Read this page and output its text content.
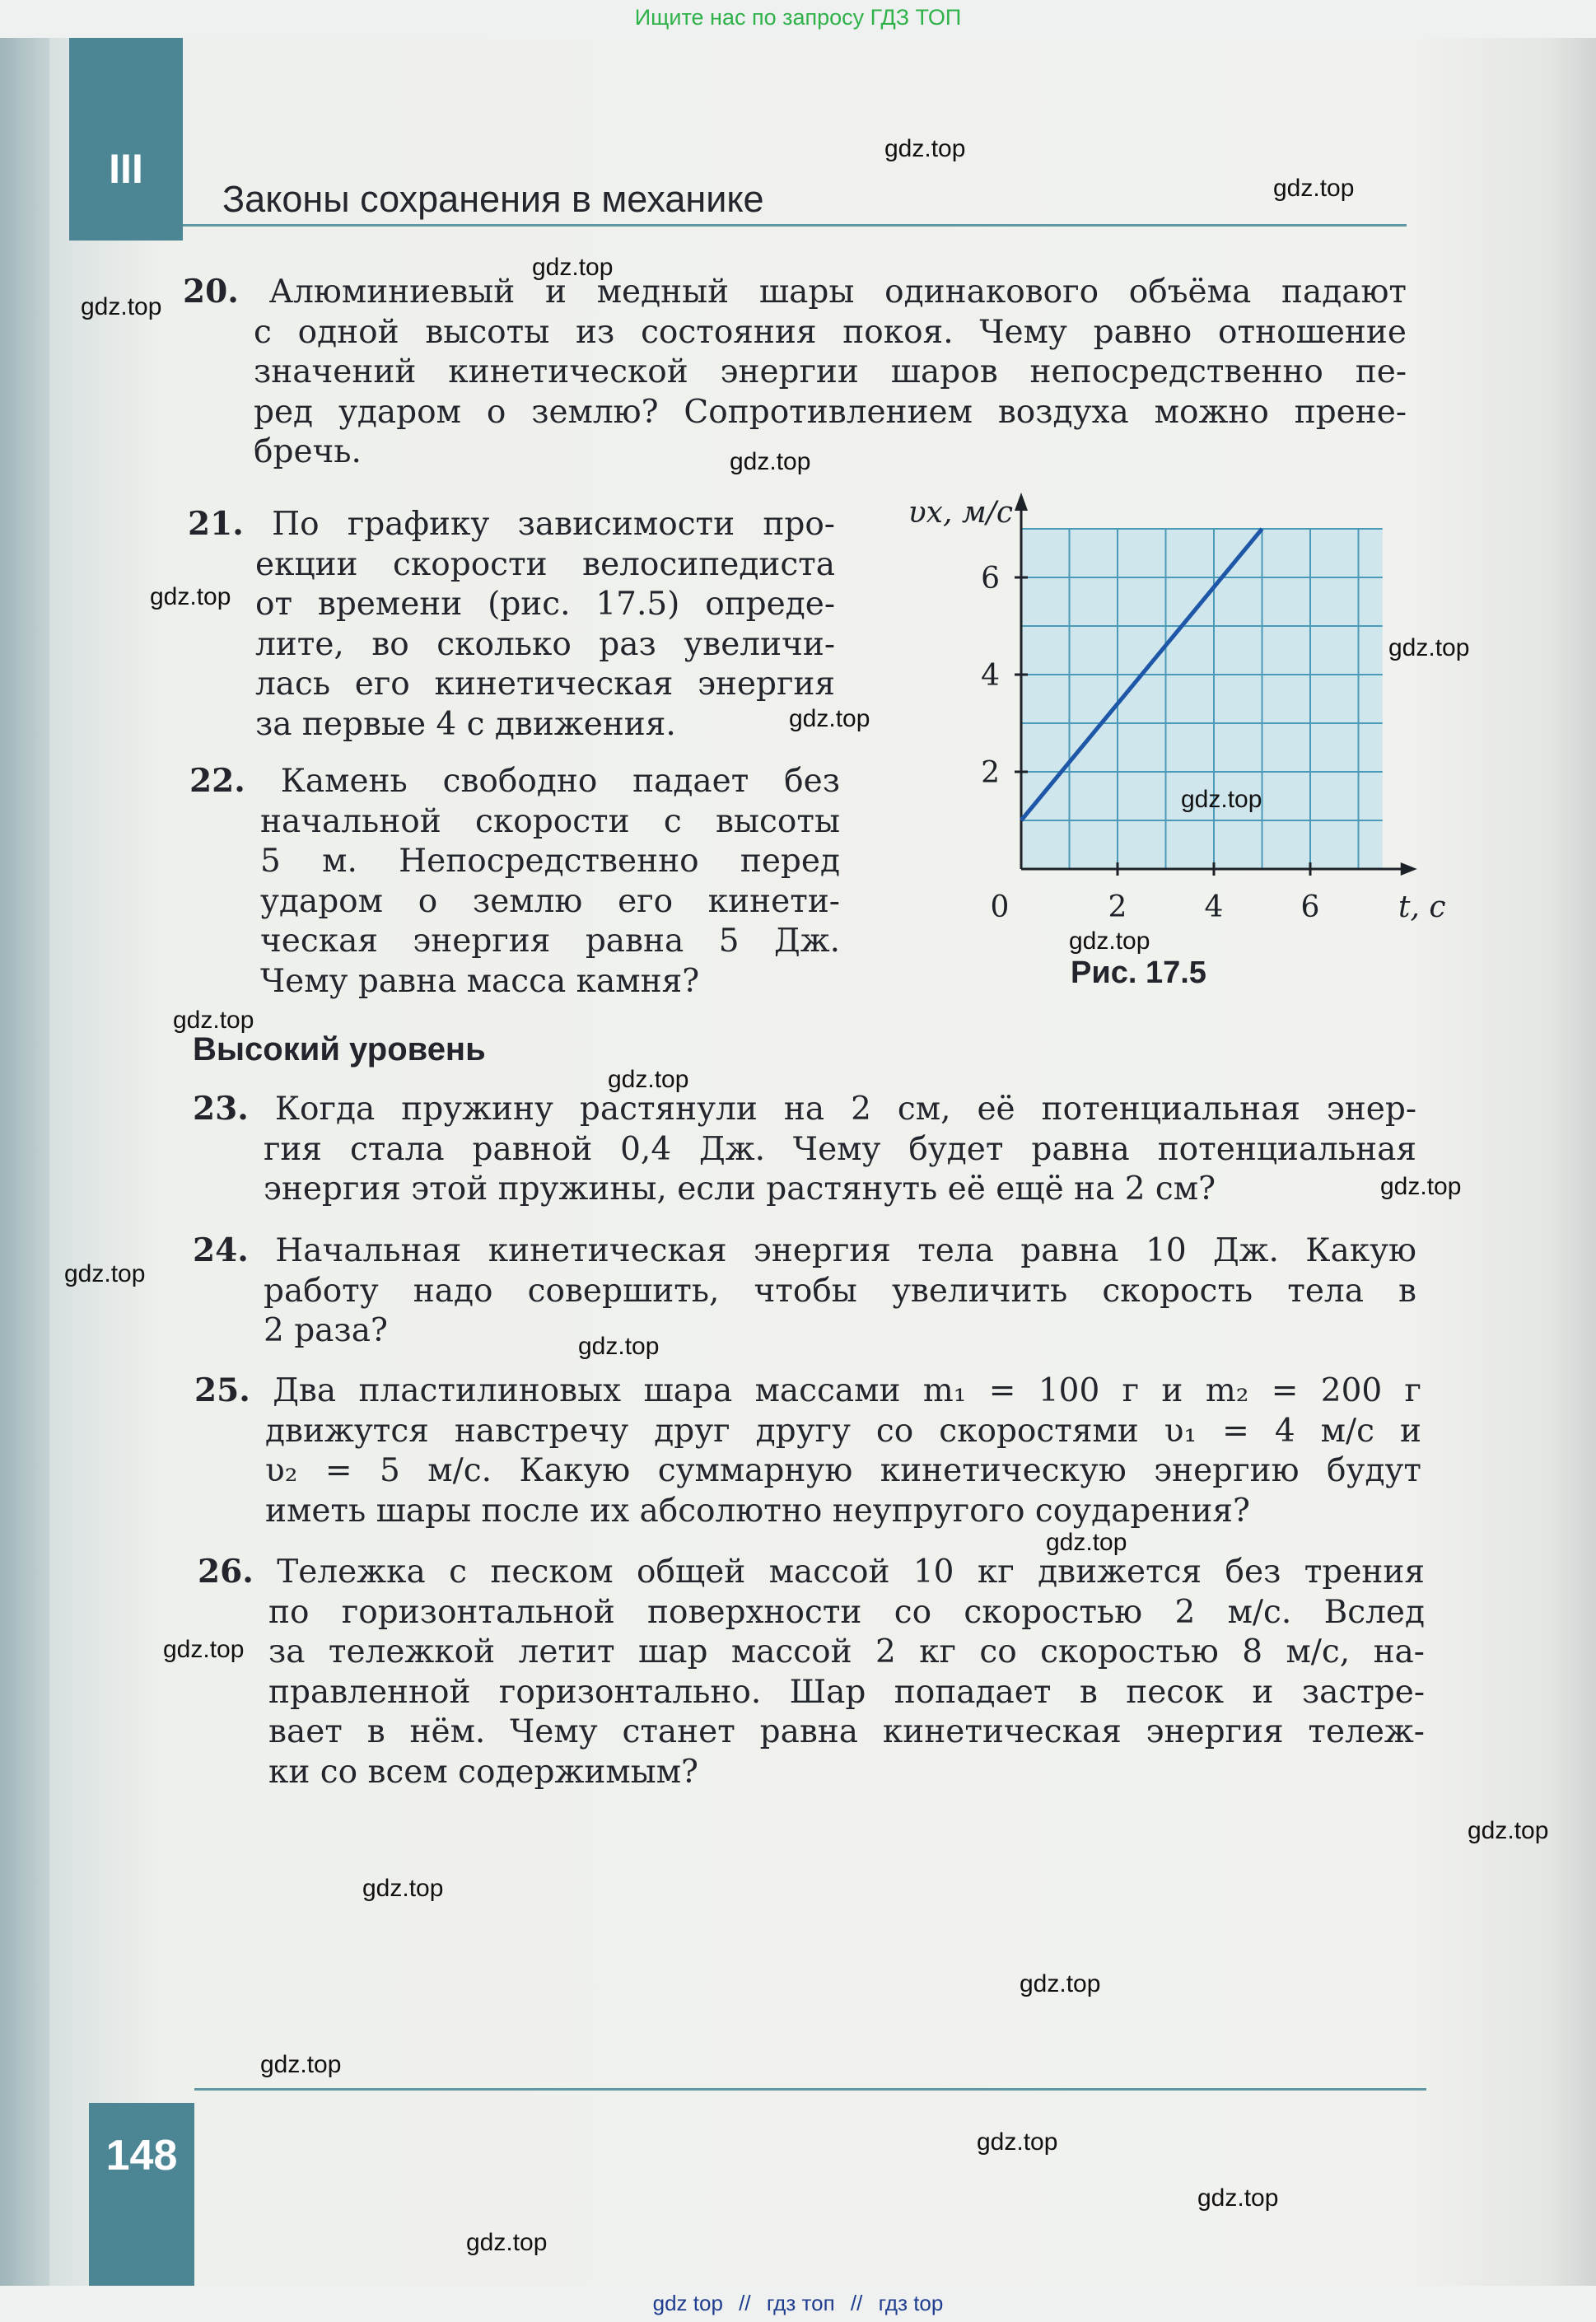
Ищите нас по запросу ГДЗ ТОП
III
Законы сохранения в механике
20. Алюминиевый и медный шары одинакового объёма падают
с одной высоты из состояния покоя. Чему равно отношение
значений кинетической энергии шаров непосредственно пе-
ред ударом о землю? Сопротивлением воздуха можно прене-
бречь.
21. По графику зависимости про-
екции скорости велосипедиста
от времени (рис. 17.5) опреде-
лите, во сколько раз увеличи-
лась его кинетическая энергия
за первые 4 с движения.
22. Камень свободно падает без
начальной скорости с высоты
5 м. Непосредственно перед
ударом о землю его кинети-
ческая энергия равна 5 Дж.
Чему равна масса камня?
υx, м/с
t, с
0	2	4	6
2
4
6
Рис. 17.5
Высокий уровень
23. Когда пружину растянули на 2 см, её потенциальная энер-
гия стала равной 0,4 Дж. Чему будет равна потенциальная
энергия этой пружины, если растянуть её ещё на 2 см?
24. Начальная кинетическая энергия тела равна 10 Дж. Какую
работу надо совершить, чтобы увеличить скорость тела в
2 раза?
25. Два пластилиновых шара массами m₁ = 100 г и m₂ = 200 г
движутся навстречу друг другу со скоростями υ₁ = 4 м/с и
υ₂ = 5 м/с. Какую суммарную кинетическую энергию будут
иметь шары после их абсолютно неупругого соударения?
26. Тележка с песком общей массой 10 кг движется без трения
по горизонтальной поверхности со скоростью 2 м/с. Вслед
за тележкой летит шар массой 2 кг со скоростью 8 м/с, на-
правленной горизонтально. Шар попадает в песок и застре-
вает в нём. Чему станет равна кинетическая энергия тележ-
ки со всем содержимым?
148
gdz.top
gdz.top
gdz.top
gdz.top
gdz.top
gdz.top
gdz.top
gdz.top
gdz.top
gdz.top
gdz.top
gdz.top
gdz.top
gdz.top
gdz.top
gdz.top
gdz.top
gdz.top
gdz.top
gdz.top
gdz.top
gdz.top
gdz.top
gdz.top
gdz top // гдз топ // гдз top
